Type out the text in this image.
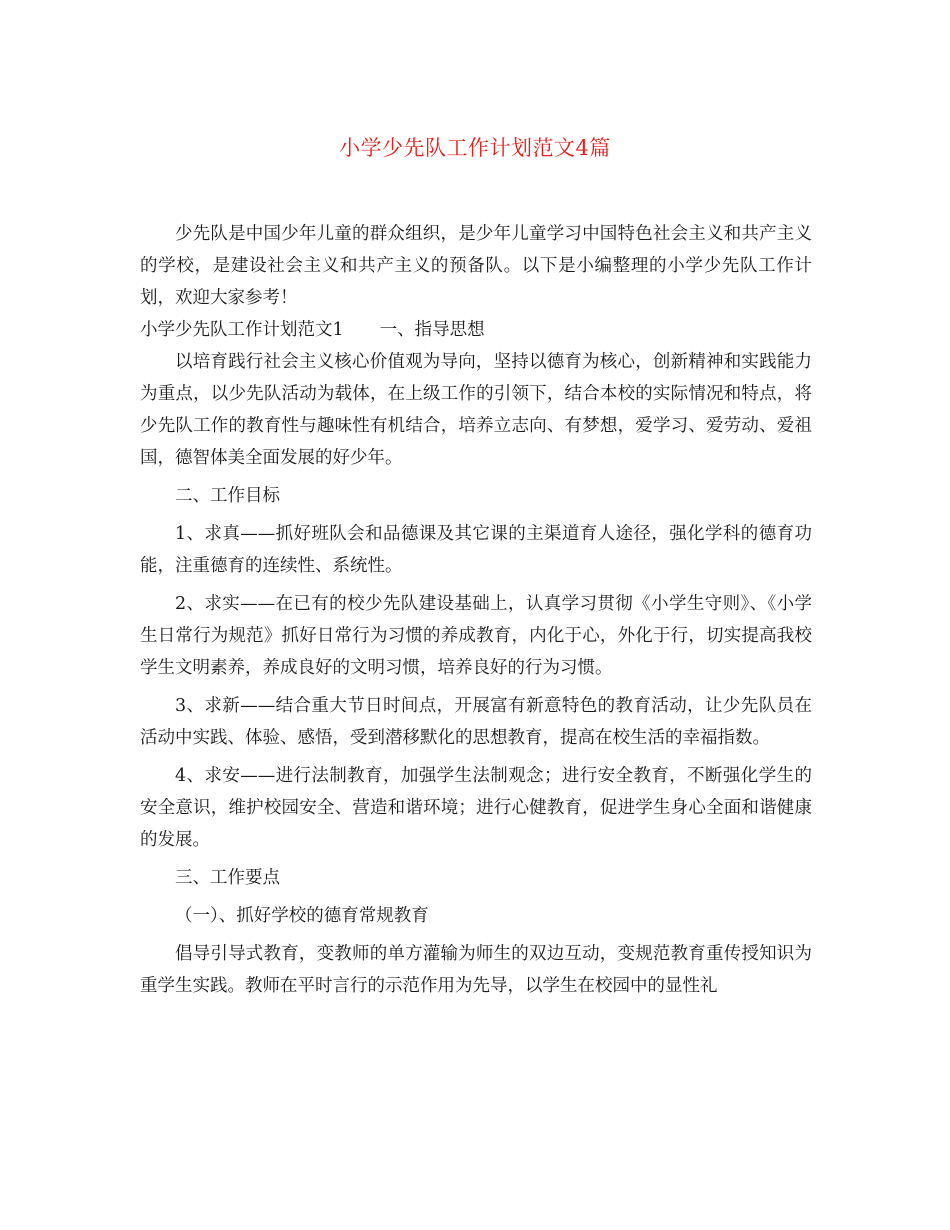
小学少先队工作计划范文4篇

少先队是中国少年儿童的群众组织，是少年儿童学习中国特色社会主义和共产主义的学校，是建设社会主义和共产主义的预备队。以下是小编整理的小学少先队工作计划，欢迎大家参考！

小学少先队工作计划范文1 一、指导思想

以培育践行社会主义核心价值观为导向，坚持以德育为核心，创新精神和实践能力为重点，以少先队活动为载体，在上级工作的引领下，结合本校的实际情况和特点，将少先队工作的教育性与趣味性有机结合，培养立志向、有梦想，爱学习、爱劳动、爱祖国，德智体美全面发展的好少年。

二、工作目标

1、求真——抓好班队会和品德课及其它课的主渠道育人途径，强化学科的德育功能，注重德育的连续性、系统性。

2、求实——在已有的校少先队建设基础上，认真学习贯彻《小学生守则》、《小学生日常行为规范》抓好日常行为习惯的养成教育，内化于心，外化于行，切实提高我校学生文明素养，养成良好的文明习惯，培养良好的行为习惯。

3、求新——结合重大节日时间点，开展富有新意特色的教育活动，让少先队员在活动中实践、体验、感悟，受到潜移默化的思想教育，提高在校生活的幸福指数。

4、求安——进行法制教育，加强学生法制观念；进行安全教育，不断强化学生的安全意识，维护校园安全、营造和谐环境；进行心健教育，促进学生身心全面和谐健康的发展。

三、工作要点

（一）、抓好学校的德育常规教育

倡导引导式教育，变教师的单方灌输为师生的双边互动，变规范教育重传授知识为重学生实践。教师在平时言行的示范作用为先导，以学生在校园中的显性礼
